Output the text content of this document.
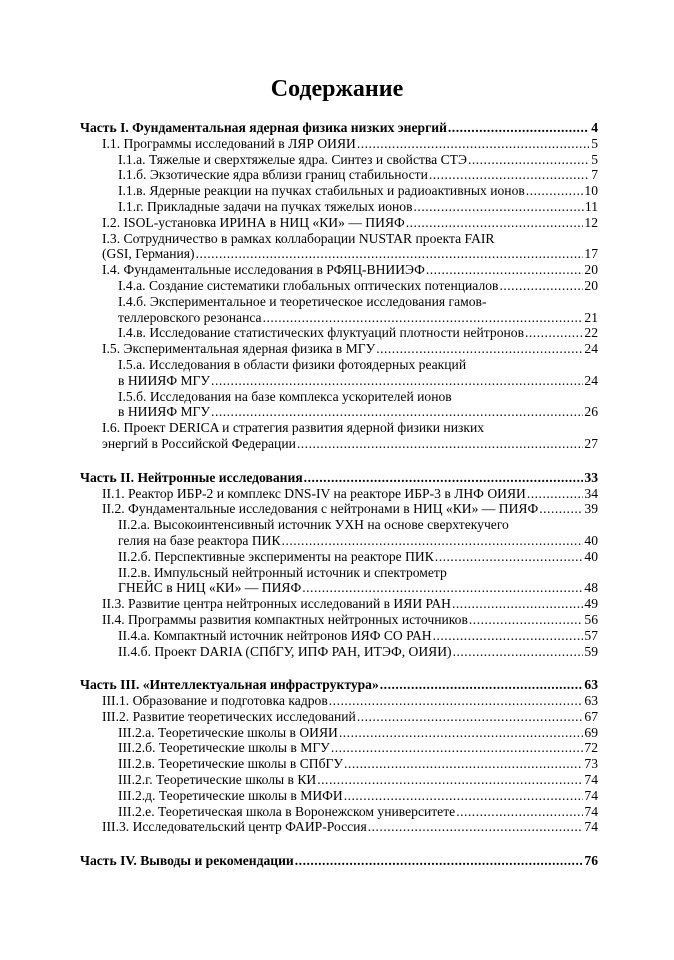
Содержание
Часть I. Фундаментальная ядерная физика низких энергий .....	4
I.1. Программы исследований в ЛЯР ОИЯИ .....	5
I.1.а. Тяжелые и сверхтяжелые ядра. Синтез и свойства СТЭ .....	5
I.1.б. Экзотические ядра вблизи границ стабильности .....	7
I.1.в. Ядерные реакции на пучках стабильных и радиоактивных ионов .....	10
I.1.г. Прикладные задачи на пучках тяжелых ионов .....	11
I.2. ISOL-установка ИРИНА в НИЦ «КИ» — ПИЯФ .....	12
I.3. Сотрудничество в рамках коллаборации NUSTAR проекта FAIR
(GSI, Германия) .....	17
I.4. Фундаментальные исследования в РФЯЦ-ВНИИЭФ .....	20
I.4.а. Создание систематики глобальных оптических потенциалов .....	20
I.4.б. Экспериментальное и теоретическое исследования гамов-
теллеровского резонанса .....	21
I.4.в. Исследование статистических флуктуаций плотности нейтронов .....	22
I.5. Экспериментальная ядерная физика в МГУ .....	24
I.5.а. Исследования в области физики фотоядерных реакций
в НИИЯФ МГУ .....	24
I.5.б. Исследования на базе комплекса ускорителей ионов
в НИИЯФ МГУ .....	26
I.6. Проект DERICA и стратегия развития ядерной физики низких
энергий в Российской Федерации .....	27
Часть II. Нейтронные исследования .....	33
II.1. Реактор ИБР-2 и комплекс DNS-IV на реакторе ИБР-3 в ЛНФ ОИЯИ .....	34
II.2. Фундаментальные исследования с нейтронами в НИЦ «КИ» — ПИЯФ .....	39
II.2.а. Высокоинтенсивный источник УХН на основе сверхтекучего
гелия на базе реактора ПИК .....	40
II.2.б. Перспективные эксперименты на реакторе ПИК .....	40
II.2.в. Импульсный нейтронный источник и спектрометр
ГНЕЙС в НИЦ «КИ» — ПИЯФ .....	48
II.3. Развитие центра нейтронных исследований в ИЯИ РАН .....	49
II.4. Программы развития компактных нейтронных источников .....	56
II.4.а. Компактный источник нейтронов ИЯФ СО РАН .....	57
II.4.б. Проект DARIA (СПбГУ, ИПФ РАН, ИТЭФ, ОИЯИ) .....	59
Часть III. «Интеллектуальная инфраструктура» .....	63
III.1. Образование и подготовка кадров .....	63
III.2. Развитие теоретических исследований .....	67
III.2.а. Теоретические школы в ОИЯИ .....	69
III.2.б. Теоретические школы в МГУ .....	72
III.2.в. Теоретические школы в СПбГУ .....	73
III.2.г. Теоретические школы в КИ .....	74
III.2.д. Теоретические школы в МИФИ .....	74
III.2.е. Теоретическая школа в Воронежском университете .....	74
III.3. Исследовательский центр ФАИР-Россия .....	74
Часть IV. Выводы и рекомендации .....	76
